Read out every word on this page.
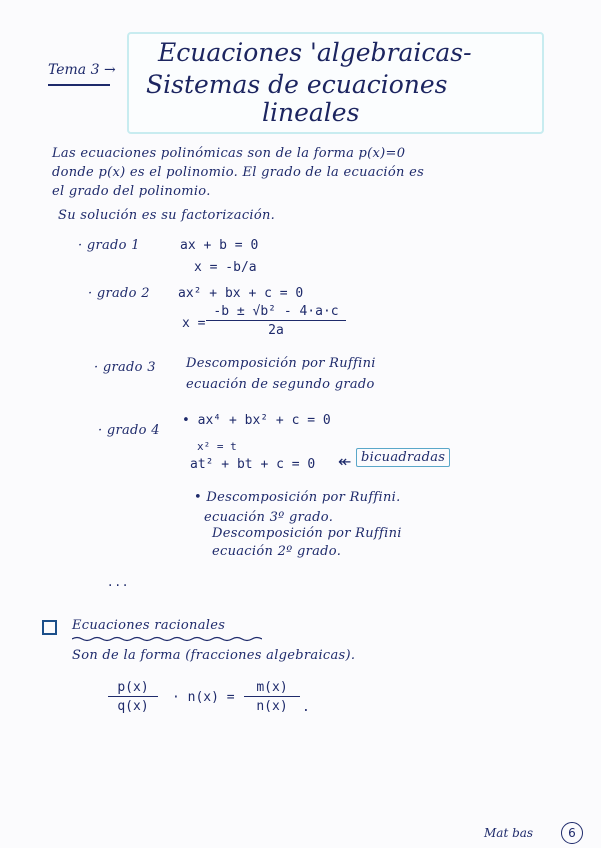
Tema 3 →
Ecuaciones 'algebraicas-
Sistemas de ecuaciones
lineales
Las ecuaciones polinómicas son de la forma p(x)=0
donde p(x) es el polinomio. El grado de la ecuación es
el grado del polinomio.
Su solución es su factorización.
· grado 1	ax + b = 0
x = -b/a
· grado 2 ax² + bx + c = 0
$x = \frac{\text{-b ± √b² - 4·a·c}}{2a}$
· grado 3 Descomposición por Ruffini
ecuación de segundo grado
· grado 4
• ax⁴ + bx² + c = 0
x² = t
at² + bt + c = 0 ↞ bicuadradas
• Descomposición por Ruffini.
ecuación 3º grado.
Descomposición por Ruffini
ecuación 2º grado.
...
Ecuaciones racionales
Son de la forma (fracciones algebraicas).
$\frac{p(x)}{q(x)} \cdot n(x) = \frac{m(x)}{n(x)}$ .
Mat bas	6
